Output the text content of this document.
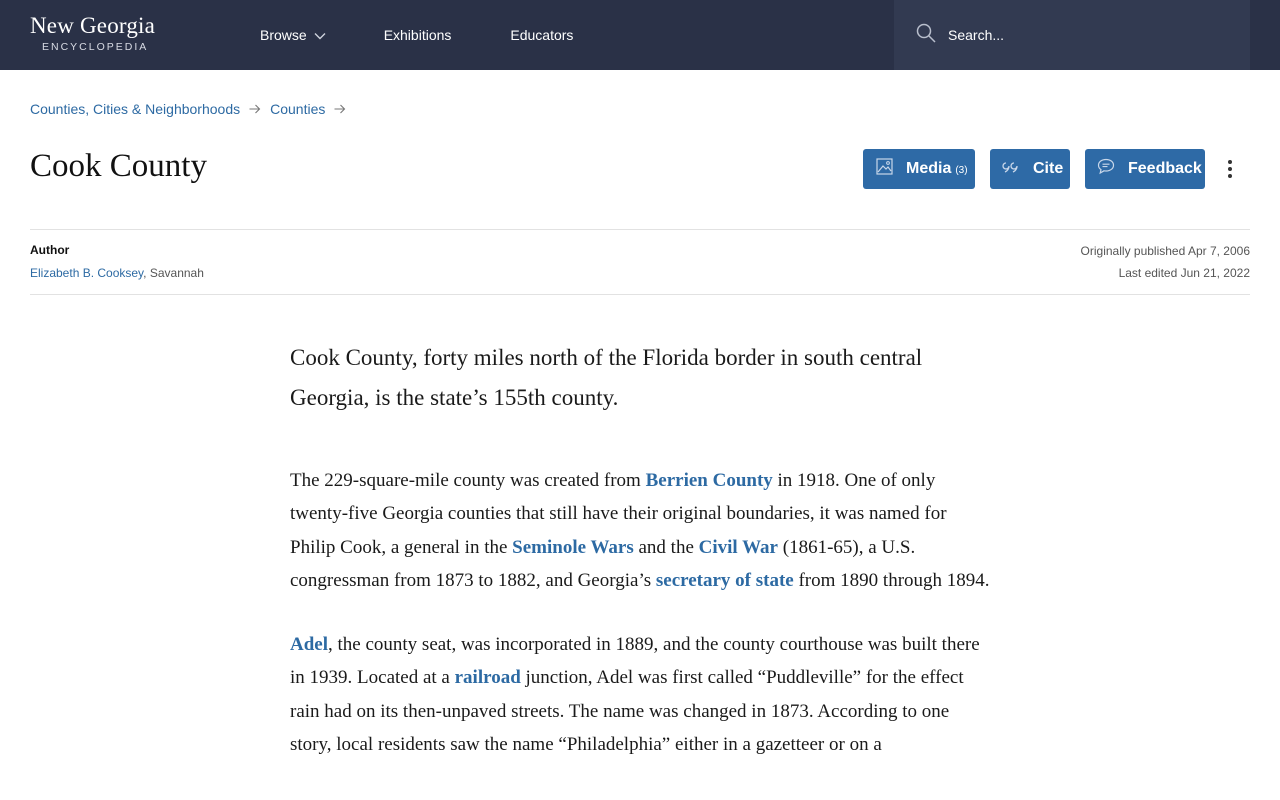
New Georgia
ENCYCLOPEDIA
Browse	Exhibitions	Educators
Search...
Counties, Cities & Neighborhoods Counties
Cook County	Media (3)	Cite	Feedback
Author
Elizabeth B. Cooksey, Savannah
Originally published Apr 7, 2006
Last edited Jun 21, 2022

Cook County, forty miles north of the Florida border in south central Georgia, is the state’s 155th county.

The 229-square-mile county was created from Berrien County in 1918. One of only twenty-five Georgia counties that still have their original boundaries, it was named for Philip Cook, a general in the Seminole Wars and the Civil War (1861-65), a U.S. congressman from 1873 to 1882, and Georgia’s secretary of state from 1890 through 1894.

Adel, the county seat, was incorporated in 1889, and the county courthouse was built there in 1939. Located at a railroad junction, Adel was first called “Puddleville” for the effect rain had on its then-unpaved streets. The name was changed in 1873. According to one story, local residents saw the name “Philadelphia” either in a gazetteer or on a
